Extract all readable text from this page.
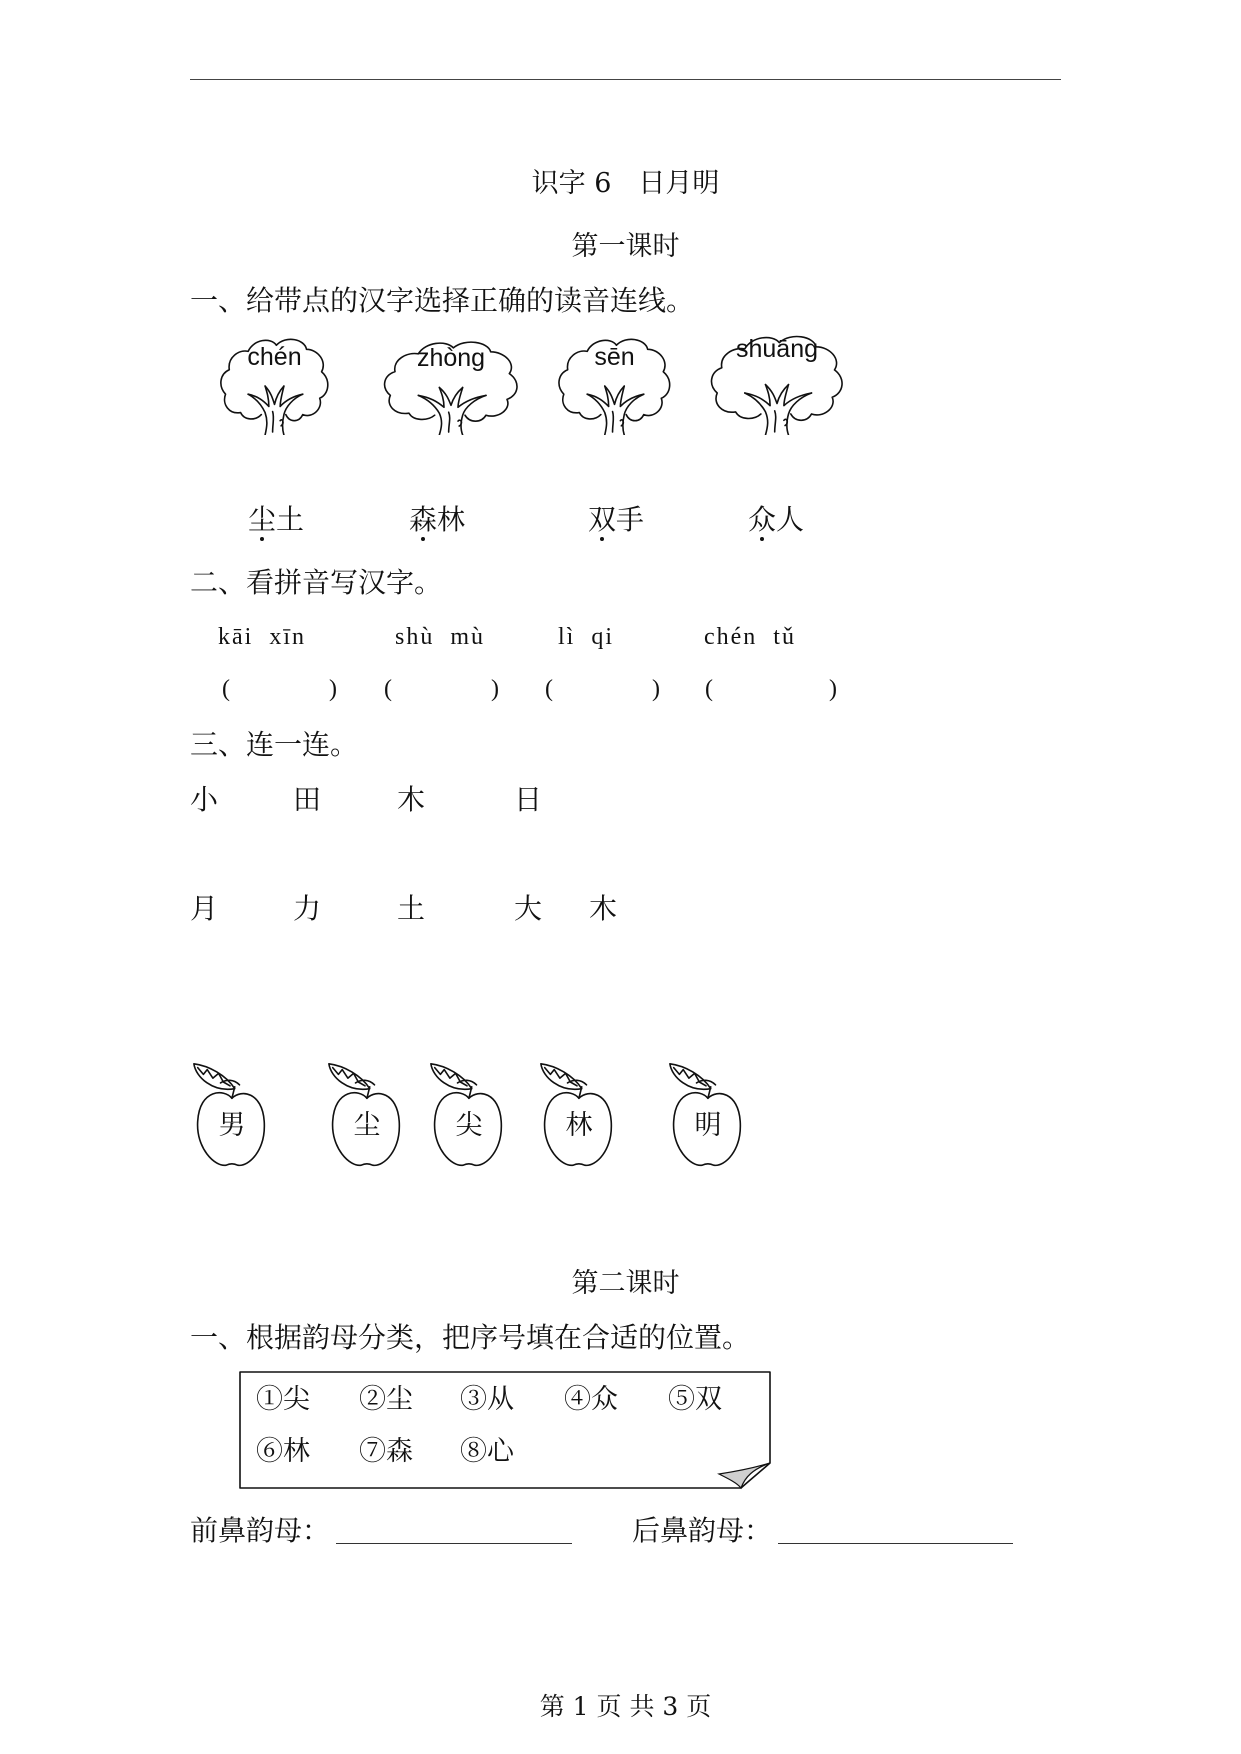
识字 6　日月明
第一课时
一、给带点的汉字选择正确的读音连线。
chén	zhòng	sēn	shuāng
尘土	森林	双手	众人
二、看拼音写汉字。
kāi xīn	shù mù	lì qi	chén tǔ
(	) (	) (	) (	)
三、连一连。
小	田	木	日
月	力	土	大 木
男	尘	尖	林	明
第二课时
一、根据韵母分类，把序号填在合适的位置。
①尖 ②尘 ③从 ④众 ⑤双
⑥林 ⑦森 ⑧心
前鼻韵母：	后鼻韵母：
第 1 页 共 3 页
